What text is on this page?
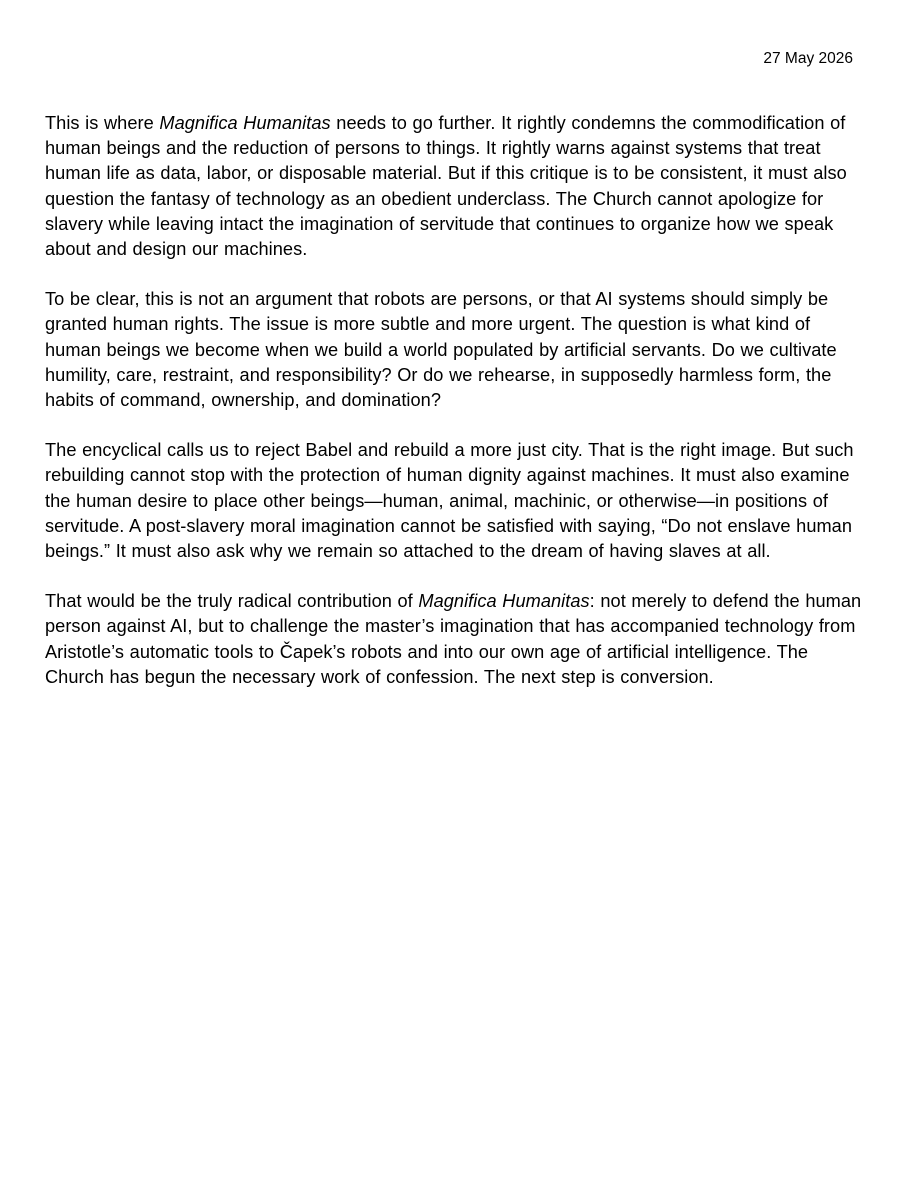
27 May 2026

This is where Magnifica Humanitas needs to go further. It rightly condemns the commodification of human beings and the reduction of persons to things. It rightly warns against systems that treat human life as data, labor, or disposable material. But if this critique is to be consistent, it must also question the fantasy of technology as an obedient underclass. The Church cannot apologize for slavery while leaving intact the imagination of servitude that continues to organize how we speak about and design our machines.

To be clear, this is not an argument that robots are persons, or that AI systems should simply be granted human rights. The issue is more subtle and more urgent. The question is what kind of human beings we become when we build a world populated by artificial servants. Do we cultivate humility, care, restraint, and responsibility? Or do we rehearse, in supposedly harmless form, the habits of command, ownership, and domination?

The encyclical calls us to reject Babel and rebuild a more just city. That is the right image. But such rebuilding cannot stop with the protection of human dignity against machines. It must also examine the human desire to place other beings—human, animal, machinic, or otherwise—in positions of servitude. A post-slavery moral imagination cannot be satisfied with saying, “Do not enslave human beings.” It must also ask why we remain so attached to the dream of having slaves at all.

That would be the truly radical contribution of Magnifica Humanitas: not merely to defend the human person against AI, but to challenge the master’s imagination that has accompanied technology from Aristotle’s automatic tools to Čapek’s robots and into our own age of artificial intelligence. The Church has begun the necessary work of confession. The next step is conversion.
